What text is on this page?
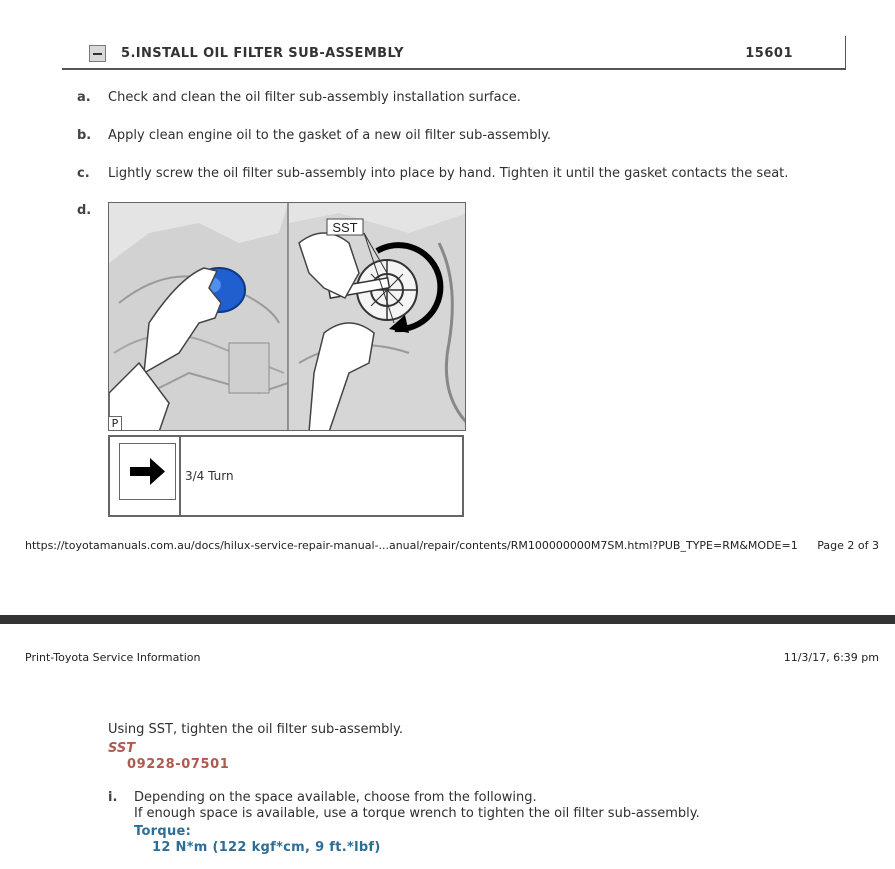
5.INSTALL OIL FILTER SUB-ASSEMBLY	15601
a.	Check and clean the oil filter sub-assembly installation surface.
b.	Apply clean engine oil to the gasket of a new oil filter sub-assembly.
c.	Lightly screw the oil filter sub-assembly into place by hand. Tighten it until the gasket contacts the seat.
d.
SST
P
3/4 Turn
https://toyotamanuals.com.au/docs/hilux-service-repair-manual-...anual/repair/contents/RM100000000M7SM.html?PUB_TYPE=RM&MODE=1 Page 2 of 3
Print-Toyota Service Information	11/3/17, 6:39 pm
Using SST, tighten the oil filter sub-assembly.
SST
09228-07501
i. Depending on the space available, choose from the following.
If enough space is available, use a torque wrench to tighten the oil filter sub-assembly.
Torque:
12 N*m (122 kgf*cm, 9 ft.*lbf)
